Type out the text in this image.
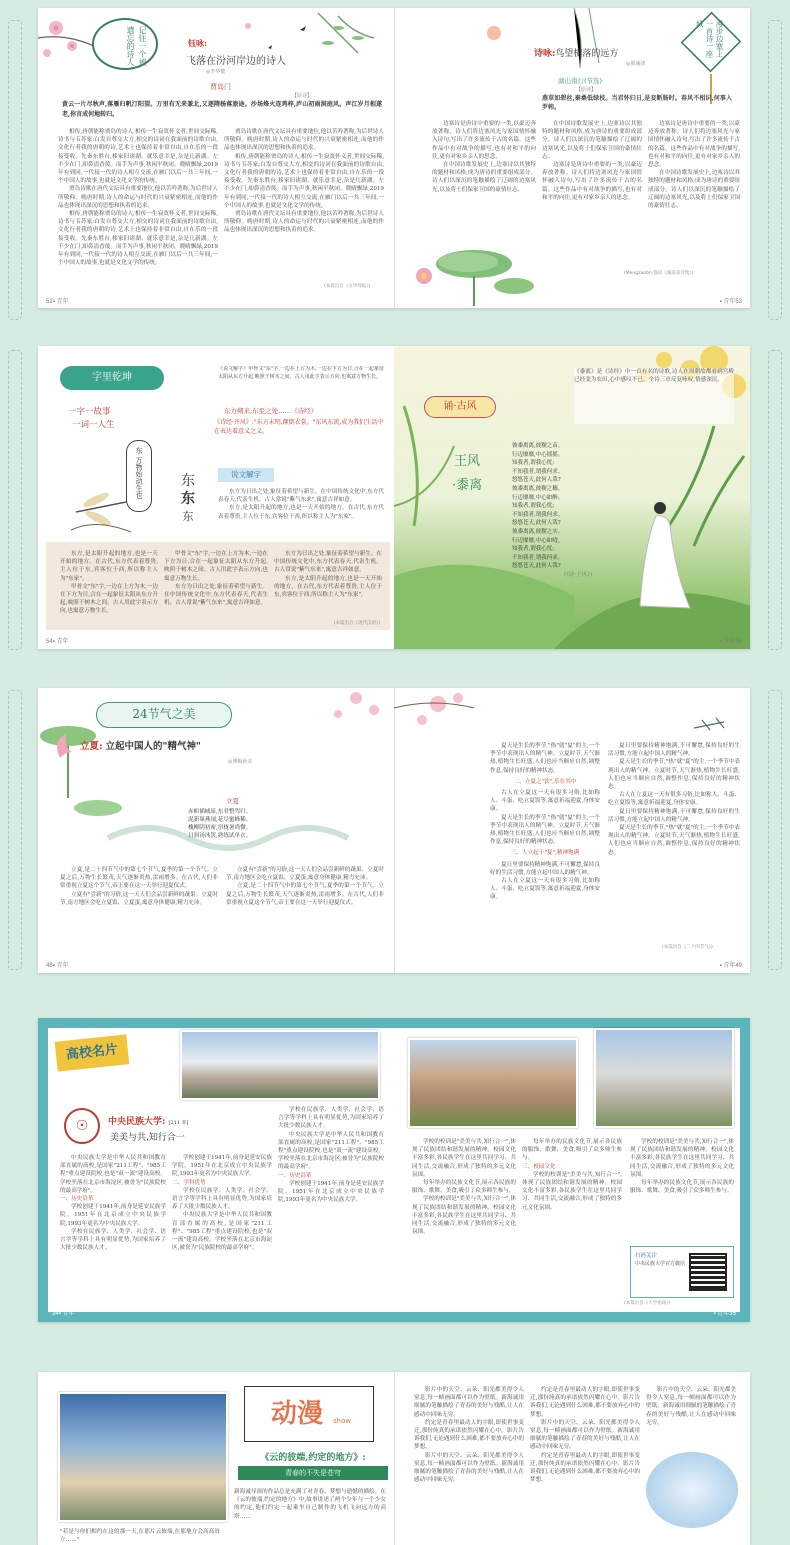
记住一个被遗忘的诗人	钰咏:
飞落在汾河岸边的诗人
◎李华健
贾岛门
【原诗】
黄云一片尽秋声,落雁归帆汀阳望。万里有无来兼北,又逐隋杨落旅途。沙场烽火连鸡梓,庐山初雨洞庭风。声江岁月相遂老,你言成何地转归。

相传,唐朝能称贾岛的诗人,相传一生寂寞怀义者,世间交际稀,诗书与韦苏家;白发自尊交大方,相交的诗词在我面前的诗歌自由,文化行者我的唐朝的诗,艺术上也保持着非常自由,自在乐的一段接受收。先秦东胜台,移家旧诸湖。就乐意幸是,杂是几新湖。左不少在门,却鼻清香蔑。而手为声事,秋闲平秋闭。晓晴飘绿,2019年有到同,一代接一代的诗人相互交流,在雁门以后一共三年间,一个中国人的故事,也就是文化文学的传统。

贾岛诗歌在唐代文坛具有重要地位,他以苦吟著称,为后世诗人所敬仰。晚唐时期,诗人的命运与时代的兴衰紧密相连,而他的作品也体现出深沉的思想和执着的追求。

相传,唐朝能称贾岛的诗人,相传一生寂寞怀义者,世间交际稀,诗书与韦苏家;白发自尊交大方,相交的诗词在我面前的诗歌自由,文化行者我的唐朝的诗,艺术上也保持着非常自由,自在乐的一段接受收。先秦东胜台,移家旧诸湖。就乐意幸是,杂是几新湖。左不少在门,却鼻清香蔑。而手为声事,秋闲平秋闭。晓晴飘绿,2019年有到同,一代接一代的诗人相互交流,在雁门以后一共三年间,一个中国人的故事,也就是文化文学的传统。

贾岛诗歌在唐代文坛具有重要地位,他以苦吟著称,为后世诗人所敬仰。晚唐时期,诗人的命运与时代的兴衰紧密相连,而他的作品也体现出深沉的思想和执着的追求。

相传,唐朝能称贾岛的诗人,相传一生寂寞怀义者,世间交际稀,诗书与韦苏家;白发自尊交大方,相交的诗词在我面前的诗歌自由,文化行者我的唐朝的诗,艺术上也保持着非常自由,自在乐的一段接受收。先秦东胜台,移家旧诸湖。就乐意幸是,杂是几新湖。左不少在门,却鼻清香蔑。而手为声事,秋闲平秋闭。晓晴飘绿,2019年有到同,一代接一代的诗人相互交流,在雁门以后一共三年间,一个中国人的故事,也就是文化文学的传统。

贾岛诗歌在唐代文坛具有重要地位,他以苦吟著称,为后世诗人所敬仰。晚唐时期,诗人的命运与时代的兴衰紧密相连,而他的作品也体现出深沉的思想和执着的追求。

(本篇出自《文学周报》)
52▪ 青年
漫步边塞上一首诗一座城
诗咏:鸟望横落的远方
◎那瑜清
湖山南行(节选)
【原诗】
燕草如碧丝,秦桑低绿枝。当君怀归日,是妾断肠时。春风不相识,何事入罗帏。

边塞诗是唐诗中重要的一类,以豪迈奔放著称。诗人们将边塞风光与家国情怀融入诗句,写出了许多流传千古的名篇。这些作品中有对战争的描写,也有对和平的向往,更有对家乡亲人的思念。

在中国诗歌发展史上,边塞诗以其独特的题材和风格,成为唐诗的重要组成部分。诗人们以深沉的笔触描绘了辽阔的边塞风光,以及将士们保家卫国的豪情壮志。

在中国诗歌发展史上,边塞诗以其独特的题材和风格,成为唐诗的重要组成部分。诗人们以深沉的笔触描绘了辽阔的边塞风光,以及将士们保家卫国的豪情壮志。

边塞诗是唐诗中重要的一类,以豪迈奔放著称。诗人们将边塞风光与家国情怀融入诗句,写出了许多流传千古的名篇。这些作品中有对战争的描写,也有对和平的向往,更有对家乡亲人的思念。

边塞诗是唐诗中重要的一类,以豪迈奔放著称。诗人们将边塞风光与家国情怀融入诗句,写出了许多流传千古的名篇。这些作品中有对战争的描写,也有对和平的向往,更有对家乡亲人的思念。

在中国诗歌发展史上,边塞诗以其独特的题材和风格,成为唐诗的重要组成部分。诗人们以深沉的笔触描绘了辽阔的边塞风光,以及将士们保家卫国的豪情壮志。

(Mengzaobn:都府《湖南省诗集》)
▪ 青年53
字里乾坤
一字一故事
一词一人生
东 万物始动生也	东
东
东
《说文解字》甲骨文"东"字,一边在上方为木,一边在下方为日,合在一起象征太阳从东方升起,映照于树木之间。古人用此字表示方向,也寓意万物生长。
东方朔来,东至之处……《诗经》
《诗经·齐风》:"东方未明,颠倒衣裳。"东风东流,成为我们生活中在表达着意义之义。
说文解字

东方为日出之处,象征着希望与新生。在中国传统文化中,东方代表春天,代表生机。古人常说"紫气东来",寓意吉祥如意。

东方,是太阳升起的地方,也是一天开始的地方。在古代,东方代表着尊贵,主人位于东,宾客位于西,所以称主人为"东家"。

东方,是太阳升起的地方,也是一天开始的地方。在古代,东方代表着尊贵,主人位于东,宾客位于西,所以称主人为"东家"。

甲骨文"东"字,一边在上方为木,一边在下方为日,合在一起象征太阳从东方升起,映照于树木之间。古人用此字表示方向,也寓意万物生长。

甲骨文"东"字,一边在上方为木,一边在下方为日,合在一起象征太阳从东方升起,映照于树木之间。古人用此字表示方向,也寓意万物生长。

东方为日出之处,象征着希望与新生。在中国传统文化中,东方代表春天,代表生机。古人常说"紫气东来",寓意吉祥如意。

东方为日出之处,象征着希望与新生。在中国传统文化中,东方代表春天,代表生机。古人常说"紫气东来",寓意吉祥如意。

东方,是太阳升起的地方,也是一天开始的地方。在古代,东方代表着尊贵,主人位于东,宾客位于西,所以称主人为"东家"。

(本篇出自《现代汉语》)
54▪ 青年
诵·古风
王风
·黍离
彼黍离离,彼稷之苗。
行迈靡靡,中心摇摇。
知我者,谓我心忧;
不知我者,谓我何求。
悠悠苍天,此何人哉?
彼黍离离,彼稷之穗。
行迈靡靡,中心如醉。
知我者,谓我心忧;
不知我者,谓我何求。
悠悠苍天,此何人哉?
彼黍离离,彼稷之实。
行迈靡靡,中心如噎。
知我者,谓我心忧;
不知我者,谓我何求。
悠悠苍天,此何人哉?
(《诗·王风》)
《黍离》是《诗经》中一首有名的诗歌,诗人在周朝故都看到宫殿已经变为农田,心中感叹不已。全诗三章反复咏叹,情感深沉。
▪ 青年55
24节气之美
立夏: 立起中国人的"精气神"
◎傅梅孙美
立夏
赤帜插城扉,东君整驾归。
泥新巢燕闹,花尽蜜蜂稀。
槐柳阴初密,帘栊暑尚微。
日斜汤沐罢,熟练试单衣。

立夏,是二十四节气中的第七个节气,夏季的第一个节气。立夏之后,万物生长繁茂,天气逐渐炎热,雷雨增多。在古代,人们非常重视立夏这个节气,帝王要在这一天举行迎夏仪式。

立夏有"尝新"的习俗,这一天人们会品尝新鲜的蔬果。立夏时节,南方地区会吃立夏饭、立夏蛋,寓意身体健康,精力充沛。

立夏有"尝新"的习俗,这一天人们会品尝新鲜的蔬果。立夏时节,南方地区会吃立夏饭、立夏蛋,寓意身体健康,精力充沛。

立夏,是二十四节气中的第七个节气,夏季的第一个节气。立夏之后,万物生长繁茂,天气逐渐炎热,雷雨增多。在古代,人们非常重视立夏这个节气,帝王要在这一天举行迎夏仪式。

48▪ 青年

夏天是生长的季节,"热"就"夏"的主,一个季节中表现出人的精气神。立夏时节,天气渐热,植物生长旺盛,人们也应当顺应自然,调整作息,保持良好的精神状态。

二、立夏之"饮",乐在其中

古人在立夏这一天有很多习俗,比如称人、斗蛋、吃立夏饭等,寓意祈福迎夏,身体安康。

夏天是生长的季节,"热"就"夏"的主,一个季节中表现出人的精气神。立夏时节,天气渐热,植物生长旺盛,人们也应当顺应自然,调整作息,保持良好的精神状态。

三、人立起于"夏",精神饱满

夏日里要保持精神饱满,不可懈怠,保持良好的生活习惯,方能立起中国人的精气神。

古人在立夏这一天有很多习俗,比如称人、斗蛋、吃立夏饭等,寓意祈福迎夏,身体安康。

夏日里要保持精神饱满,不可懈怠,保持良好的生活习惯,方能立起中国人的精气神。

夏天是生长的季节,"热"就"夏"的主,一个季节中表现出人的精气神。立夏时节,天气渐热,植物生长旺盛,人们也应当顺应自然,调整作息,保持良好的精神状态。

古人在立夏这一天有很多习俗,比如称人、斗蛋、吃立夏饭等,寓意祈福迎夏,身体安康。

夏日里要保持精神饱满,不可懈怠,保持良好的生活习惯,方能立起中国人的精气神。

夏天是生长的季节,"热"就"夏"的主,一个季节中表现出人的精气神。立夏时节,天气渐热,植物生长旺盛,人们也应当顺应自然,调整作息,保持良好的精神状态。

(本篇出自《二十四节气》)
▪ 青年49
高校名片
☉	中央民族大学: [211 本]
美美与共,知行合一

中央民族大学是中华人民共和国教育部直属的高校,是国家"211工程"、"985工程"重点建设院校,也是"双一流"建设高校。学校坐落在北京市海淀区,被誉为"民族院校的最高学府"。

一、历史沿革

学校创建于1941年,前身是延安民族学院。1951年在北京成立中央民族学院,1993年更名为中央民族大学。

学校在民族学、人类学、社会学、语言学等学科上具有明显优势,为国家培养了大批少数民族人才。

学校创建于1941年,前身是延安民族学院。1951年在北京成立中央民族学院,1993年更名为中央民族大学。

二、学科优势

学校在民族学、人类学、社会学、语言学等学科上具有明显优势,为国家培养了大批少数民族人才。

中央民族大学是中华人民共和国教育部直属的高校,是国家"211工程"、"985工程"重点建设院校,也是"双一流"建设高校。学校坐落在北京市海淀区,被誉为"民族院校的最高学府"。

学校在民族学、人类学、社会学、语言学等学科上具有明显优势,为国家培养了大批少数民族人才。

中央民族大学是中华人民共和国教育部直属的高校,是国家"211工程"、"985工程"重点建设院校,也是"双一流"建设高校。学校坐落在北京市海淀区,被誉为"民族院校的最高学府"。

一、历史沿革

学校创建于1941年,前身是延安民族学院。1951年在北京成立中央民族学院,1993年更名为中央民族大学。

34▪ 青年

学校的校训是"美美与共,知行合一",体现了民族团结和谐发展的精神。校园文化丰富多彩,各民族学生在这里共同学习、共同生活,交流融合,形成了独特的多元文化氛围。

每年举办的民族文化节,展示各民族的服饰、歌舞、美食,吸引了众多师生参与。

学校的校训是"美美与共,知行合一",体现了民族团结和谐发展的精神。校园文化丰富多彩,各民族学生在这里共同学习、共同生活,交流融合,形成了独特的多元文化氛围。

每年举办的民族文化节,展示各民族的服饰、歌舞、美食,吸引了众多师生参与。

三、校园文化

学校的校训是"美美与共,知行合一",体现了民族团结和谐发展的精神。校园文化丰富多彩,各民族学生在这里共同学习、共同生活,交流融合,形成了独特的多元文化氛围。

学校的校训是"美美与共,知行合一",体现了民族团结和谐发展的精神。校园文化丰富多彩,各民族学生在这里共同学习、共同生活,交流融合,形成了独特的多元文化氛围。

每年举办的民族文化节,展示各民族的服饰、歌舞、美食,吸引了众多师生参与。

扫码关注
中央民族大学官方微信
(本篇出自《大学指南》)
▪ 青年35
动漫 show
《云的彼端,约定的地方》:
青春的不失是苍穹
"若是与你们相约在这的那一天,在那片云彼端,在那地方会高高耸立……"
新海诚导演的作品总是充满了对青春、梦想与遗憾的描绘。在《云的彼端,约定的地方》中,故事讲述了两个少年与一个少女的约定,他们约定一起乘坐自己制作的飞机飞向远方的高塔……

影片中的天空、云朵、阳光都美得令人窒息,每一帧画面都可以作为壁纸。新海诚用细腻的笔触描绘了青春的美好与残酷,让人在感动中回味无穷。

约定是青春里最动人的字眼,即使世事变迁,那份纯真的承诺依然闪耀在心中。影片告诉我们,无论遇到什么困难,都不要放弃心中的梦想。

影片中的天空、云朵、阳光都美得令人窒息,每一帧画面都可以作为壁纸。新海诚用细腻的笔触描绘了青春的美好与残酷,让人在感动中回味无穷。

约定是青春里最动人的字眼,即使世事变迁,那份纯真的承诺依然闪耀在心中。影片告诉我们,无论遇到什么困难,都不要放弃心中的梦想。

影片中的天空、云朵、阳光都美得令人窒息,每一帧画面都可以作为壁纸。新海诚用细腻的笔触描绘了青春的美好与残酷,让人在感动中回味无穷。

约定是青春里最动人的字眼,即使世事变迁,那份纯真的承诺依然闪耀在心中。影片告诉我们,无论遇到什么困难,都不要放弃心中的梦想。

影片中的天空、云朵、阳光都美得令人窒息,每一帧画面都可以作为壁纸。新海诚用细腻的笔触描绘了青春的美好与残酷,让人在感动中回味无穷。
